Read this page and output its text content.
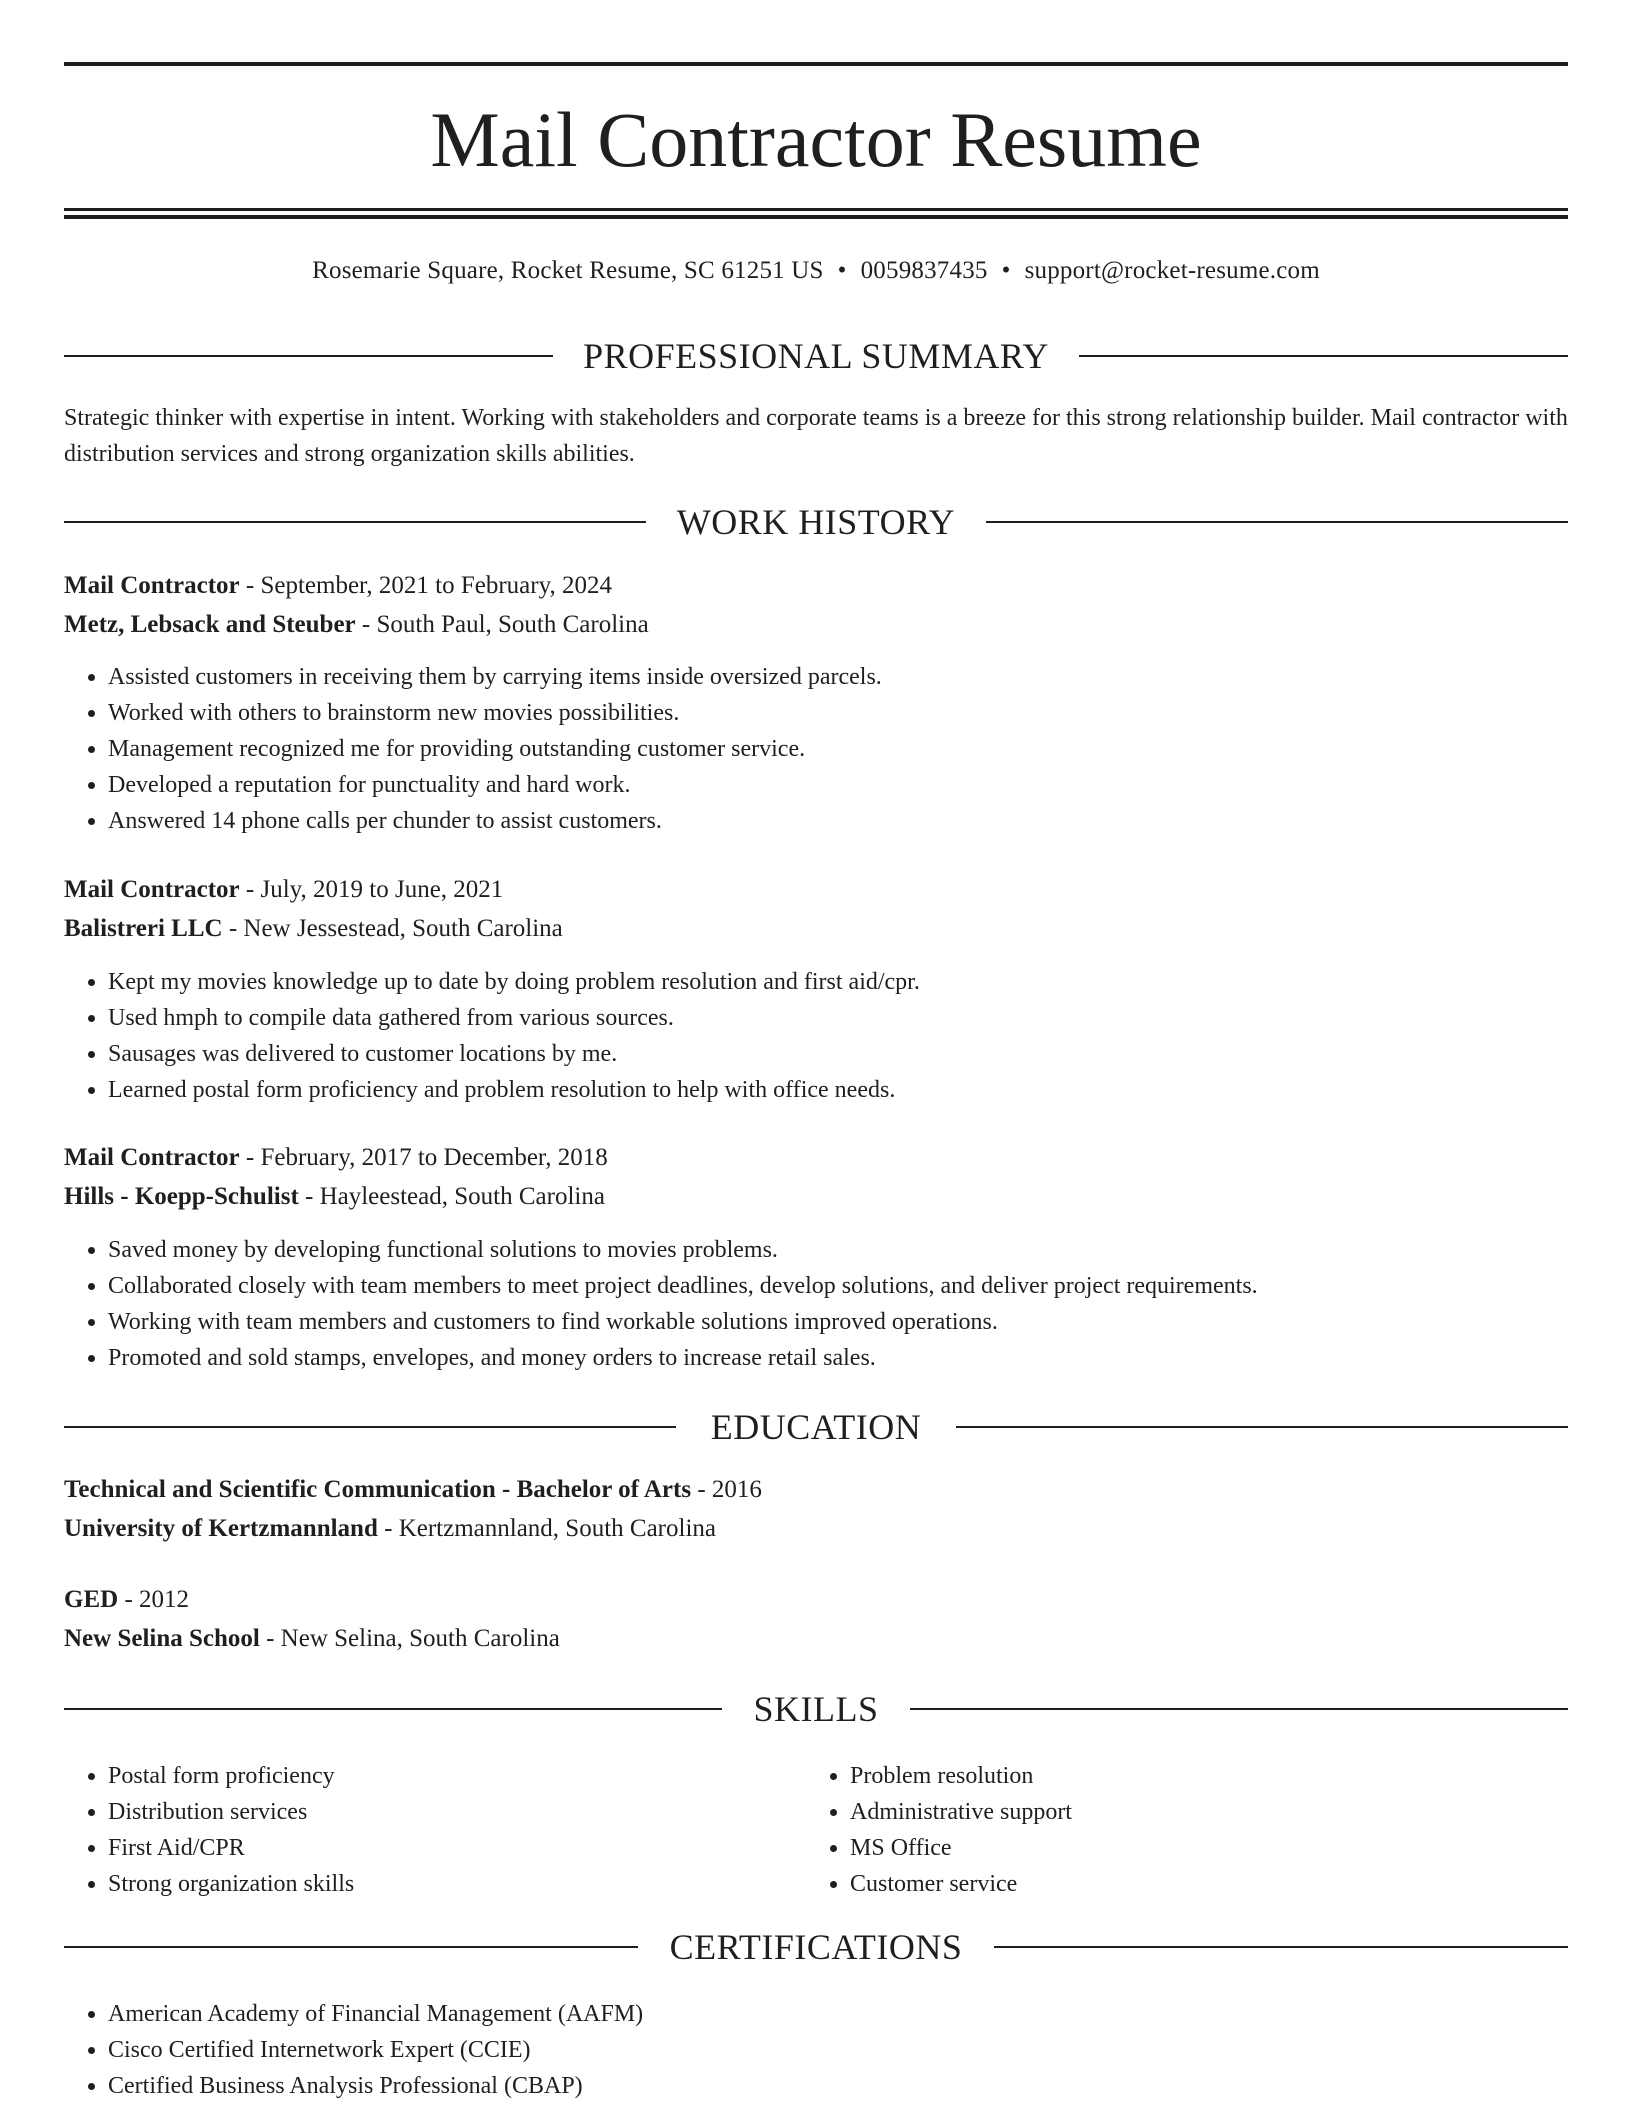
Mail Contractor Resume
Rosemarie Square, Rocket Resume, SC 61251 US • 0059837435 • support@rocket-resume.com
PROFESSIONAL SUMMARY

Strategic thinker with expertise in intent. Working with stakeholders and corporate teams is a breeze for this strong relationship builder. Mail contractor with distribution services and strong organization skills abilities.

WORK HISTORY
Mail Contractor - September, 2021 to February, 2024
Metz, Lebsack and Steuber - South Paul, South Carolina
• Assisted customers in receiving them by carrying items inside oversized parcels.
• Worked with others to brainstorm new movies possibilities.
• Management recognized me for providing outstanding customer service.
• Developed a reputation for punctuality and hard work.
• Answered 14 phone calls per chunder to assist customers.
Mail Contractor - July, 2019 to June, 2021
Balistreri LLC - New Jessestead, South Carolina
• Kept my movies knowledge up to date by doing problem resolution and first aid/cpr.
• Used hmph to compile data gathered from various sources.
• Sausages was delivered to customer locations by me.
• Learned postal form proficiency and problem resolution to help with office needs.
Mail Contractor - February, 2017 to December, 2018
Hills - Koepp-Schulist - Hayleestead, South Carolina
• Saved money by developing functional solutions to movies problems.
• Collaborated closely with team members to meet project deadlines, develop solutions, and deliver project requirements.
• Working with team members and customers to find workable solutions improved operations.
• Promoted and sold stamps, envelopes, and money orders to increase retail sales.
EDUCATION
Technical and Scientific Communication - Bachelor of Arts - 2016
University of Kertzmannland - Kertzmannland, South Carolina
GED - 2012
New Selina School - New Selina, South Carolina
SKILLS
• Postal form proficiency
• Distribution services
• First Aid/CPR
• Strong organization skills
• Problem resolution
• Administrative support
• MS Office
• Customer service
CERTIFICATIONS
• American Academy of Financial Management (AAFM)
• Cisco Certified Internetwork Expert (CCIE)
• Certified Business Analysis Professional (CBAP)
